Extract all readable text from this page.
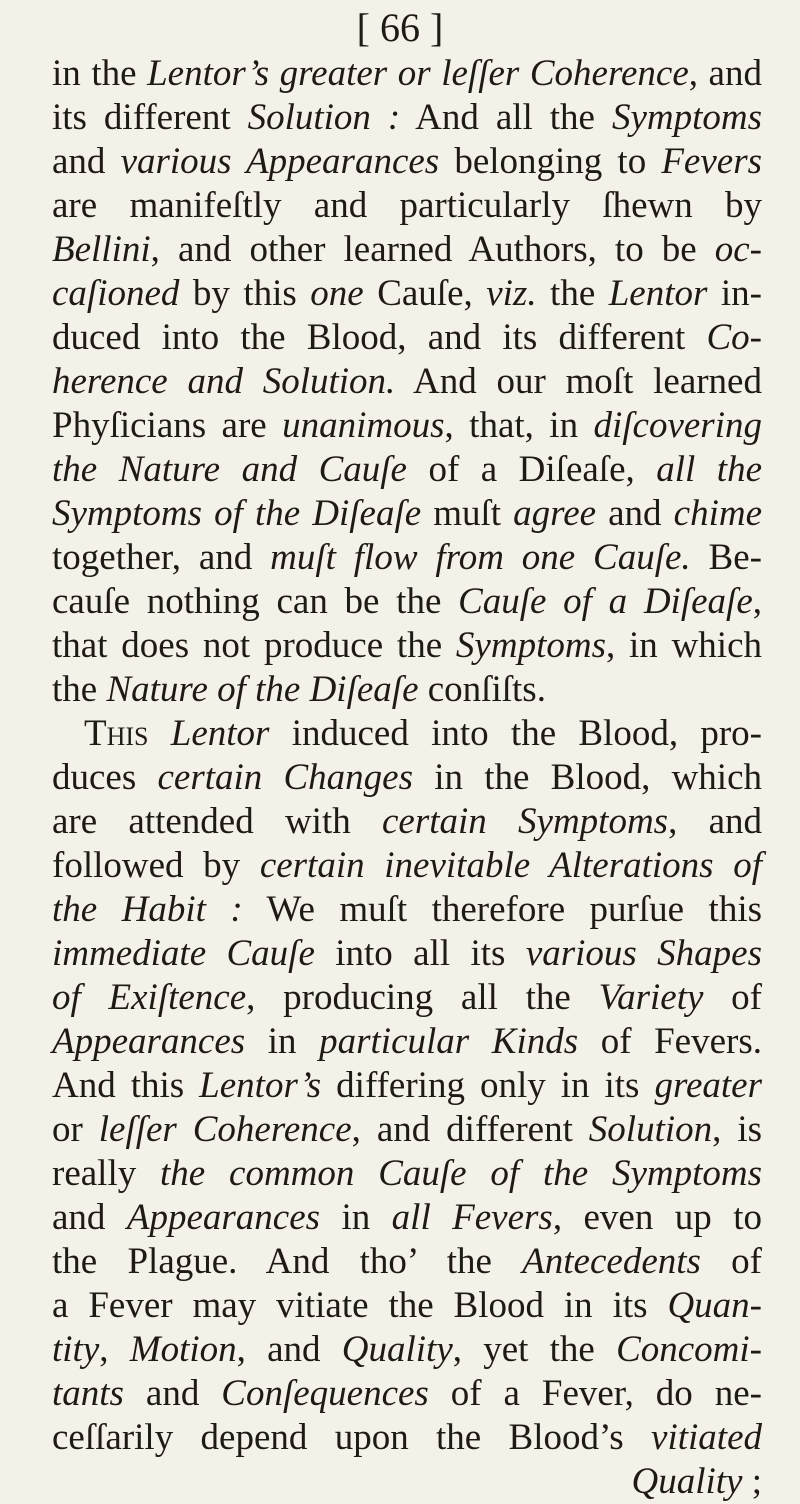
[ 66 ]
in the Lentor’s greater or leſſer Coherence, and
its different Solution : And all the Symptoms
and various Appearances belonging to Fevers
are manifeſtly and particularly ſhewn by
Bellini, and other learned Authors, to be oc-
caſioned by this one Cauſe, viz. the Lentor in-
duced into the Blood, and its different Co-
herence and Solution. And our moſt learned
Phyſicians are unanimous, that, in diſcovering
the Nature and Cauſe of a Diſeaſe, all the
Symptoms of the Diſeaſe muſt agree and chime
together, and muſt flow from one Cauſe. Be-
cauſe nothing can be the Cauſe of a Diſeaſe,
that does not produce the Symptoms, in which
the Nature of the Diſeaſe conſiſts.
This Lentor induced into the Blood, pro-
duces certain Changes in the Blood, which
are attended with certain Symptoms, and
followed by certain inevitable Alterations of
the Habit : We muſt therefore purſue this
immediate Cauſe into all its various Shapes
of Exiſtence, producing all the Variety of
Appearances in particular Kinds of Fevers.
And this Lentor’s differing only in its greater
or leſſer Coherence, and different Solution, is
really the common Cauſe of the Symptoms
and Appearances in all Fevers, even up to
the Plague. And tho’ the Antecedents of
a Fever may vitiate the Blood in its Quan-
tity, Motion, and Quality, yet the Concomi-
tants and Conſequences of a Fever, do ne-
ceſſarily depend upon the Blood’s vitiated
Quality ;
